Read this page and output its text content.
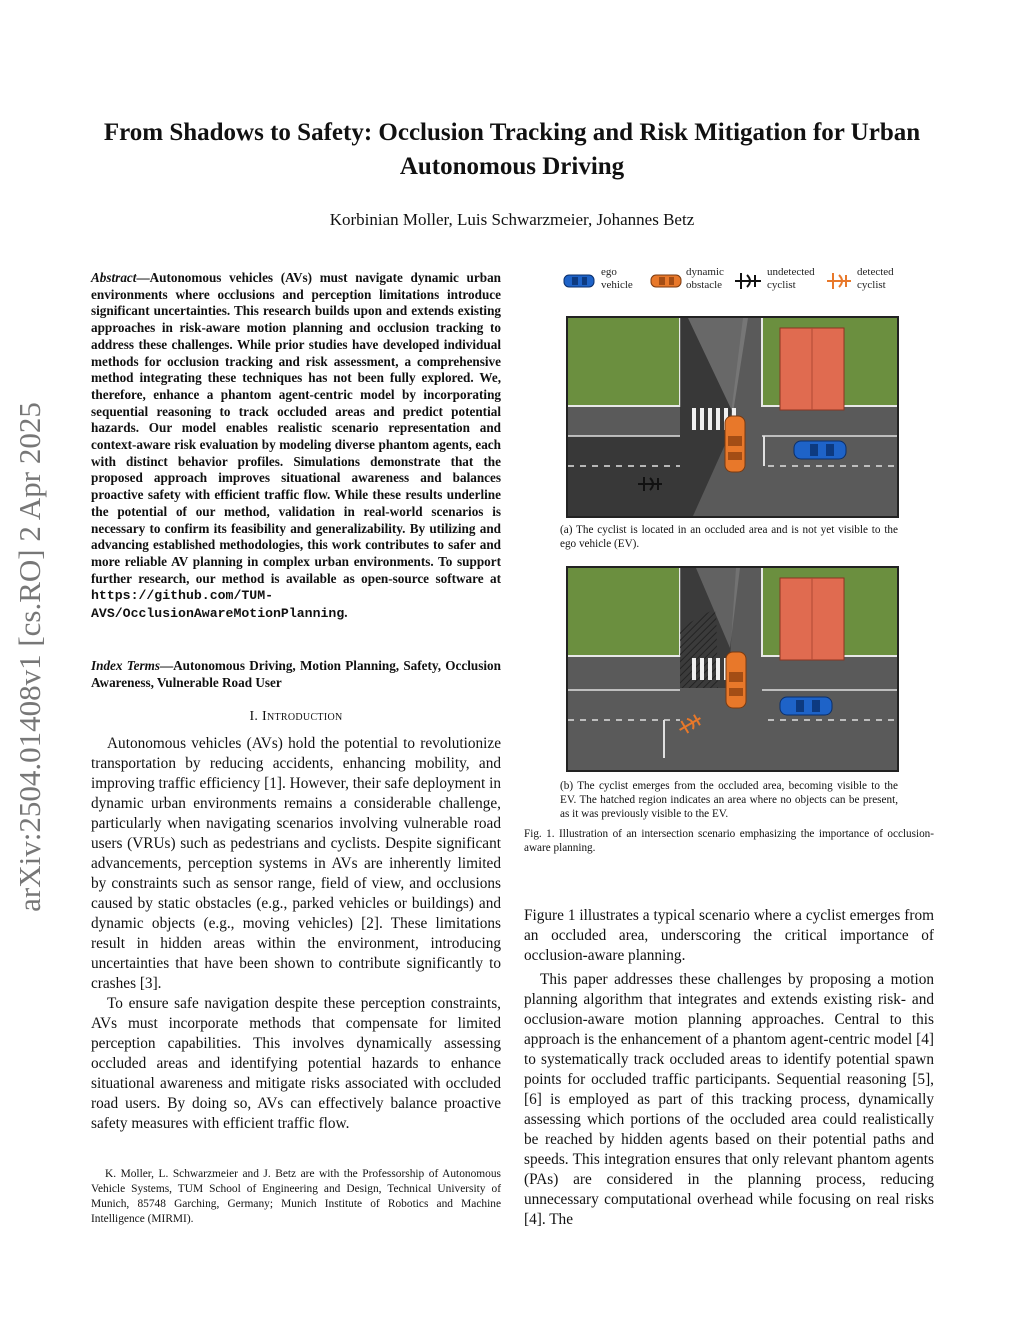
arXiv:2504.01408v1 [cs.RO] 2 Apr 2025
From Shadows to Safety: Occlusion Tracking and Risk Mitigation for Urban Autonomous Driving
Korbinian Moller, Luis Schwarzmeier, Johannes Betz
Abstract—Autonomous vehicles (AVs) must navigate dynamic urban environments where occlusions and perception limitations introduce significant uncertainties. This research builds upon and extends existing approaches in risk-aware motion planning and occlusion tracking to address these challenges. While prior studies have developed individual methods for occlusion tracking and risk assessment, a comprehensive method integrating these techniques has not been fully explored. We, therefore, enhance a phantom agent-centric model by incorporating sequential reasoning to track occluded areas and predict potential hazards. Our model enables realistic scenario representation and context-aware risk evaluation by modeling diverse phantom agents, each with distinct behavior profiles. Simulations demonstrate that the proposed approach improves situational awareness and balances proactive safety with efficient traffic flow. While these results underline the potential of our method, validation in real-world scenarios is necessary to confirm its feasibility and generalizability. By utilizing and advancing established methodologies, this work contributes to safer and more reliable AV planning in complex urban environments. To support further research, our method is available as open-source software at https://github.com/TUM-AVS/OcclusionAwareMotionPlanning.
Index Terms—Autonomous Driving, Motion Planning, Safety, Occlusion Awareness, Vulnerable Road User
I. Introduction

Autonomous vehicles (AVs) hold the potential to revolutionize transportation by reducing accidents, enhancing mobility, and improving traffic efficiency [1]. However, their safe deployment in dynamic urban environments remains a considerable challenge, particularly when navigating scenarios involving vulnerable road users (VRUs) such as pedestrians and cyclists. Despite significant advancements, perception systems in AVs are inherently limited by constraints such as sensor range, field of view, and occlusions caused by static obstacles (e.g., parked vehicles or buildings) and dynamic objects (e.g., moving vehicles) [2]. These limitations result in hidden areas within the environment, introducing uncertainties that have been shown to contribute significantly to crashes [3].

To ensure safe navigation despite these perception constraints, AVs must incorporate methods that compensate for limited perception capabilities. This involves dynamically assessing occluded areas and identifying potential hazards to enhance situational awareness and mitigate risks associated with occluded road users. By doing so, AVs can effectively balance proactive safety measures with efficient traffic flow.

K. Moller, L. Schwarzmeier and J. Betz are with the Professorship of Autonomous Vehicle Systems, TUM School of Engineering and Design, Technical University of Munich, 85748 Garching, Germany; Munich Institute of Robotics and Machine Intelligence (MIRMI).
ego
vehicle
dynamic
obstacle
undetected
cyclist
detected
cyclist
(a) The cyclist is located in an occluded area and is not yet visible to the ego vehicle (EV).
(b) The cyclist emerges from the occluded area, becoming visible to the EV. The hatched region indicates an area where no objects can be present, as it was previously visible to the EV.
Fig. 1. Illustration of an intersection scenario emphasizing the importance of occlusion-aware planning.

Figure 1 illustrates a typical scenario where a cyclist emerges from an occluded area, underscoring the critical importance of occlusion-aware planning.

This paper addresses these challenges by proposing a motion planning algorithm that integrates and extends existing risk- and occlusion-aware motion planning approaches. Central to this approach is the enhancement of a phantom agent-centric model [4] to systematically track occluded areas to identify potential spawn points for occluded traffic participants. Sequential reasoning [5], [6] is employed as part of this tracking process, dynamically assessing which portions of the occluded area could realistically be reached by hidden agents based on their potential paths and speeds. This integration ensures that only relevant phantom agents (PAs) are considered in the planning process, reducing unnecessary computational overhead while focusing on real risks [4]. The
